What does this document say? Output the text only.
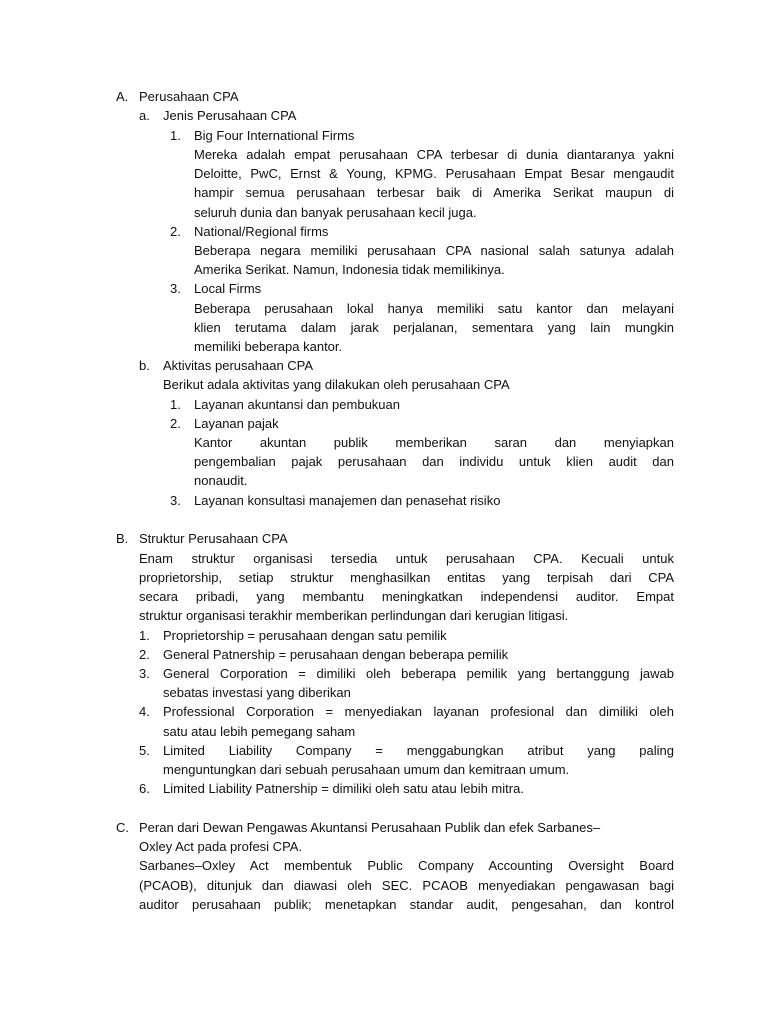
A. Perusahaan CPA
a. Jenis Perusahaan CPA
1. Big Four International Firms
Mereka adalah empat perusahaan CPA terbesar di dunia diantaranya yakni
Deloitte, PwC, Ernst & Young, KPMG. Perusahaan Empat Besar mengaudit
hampir semua perusahaan terbesar baik di Amerika Serikat maupun di
seluruh dunia dan banyak perusahaan kecil juga.
2. National/Regional firms
Beberapa negara memiliki perusahaan CPA nasional salah satunya adalah
Amerika Serikat. Namun, Indonesia tidak memilikinya.
3. Local Firms
Beberapa perusahaan lokal hanya memiliki satu kantor dan melayani
klien terutama dalam jarak perjalanan, sementara yang lain mungkin
memiliki beberapa kantor.
b. Aktivitas perusahaan CPA
Berikut adala aktivitas yang dilakukan oleh perusahaan CPA
1. Layanan akuntansi dan pembukuan
2. Layanan pajak
Kantor akuntan publik memberikan saran dan menyiapkan
pengembalian pajak perusahaan dan individu untuk klien audit dan
nonaudit.
3. Layanan konsultasi manajemen dan penasehat risiko
B. Struktur Perusahaan CPA
Enam struktur organisasi tersedia untuk perusahaan CPA. Kecuali untuk
proprietorship, setiap struktur menghasilkan entitas yang terpisah dari CPA
secara pribadi, yang membantu meningkatkan independensi auditor. Empat
struktur organisasi terakhir memberikan perlindungan dari kerugian litigasi.
1. Proprietorship = perusahaan dengan satu pemilik
2. General Patnership = perusahaan dengan beberapa pemilik
3. General Corporation = dimiliki oleh beberapa pemilik yang bertanggung jawab
sebatas investasi yang diberikan
4. Professional Corporation = menyediakan layanan profesional dan dimiliki oleh
satu atau lebih pemegang saham
5. Limited Liability Company = menggabungkan atribut yang paling
menguntungkan dari sebuah perusahaan umum dan kemitraan umum.
6. Limited Liability Patnership = dimiliki oleh satu atau lebih mitra.
C. Peran dari Dewan Pengawas Akuntansi Perusahaan Publik dan efek Sarbanes–
Oxley Act pada profesi CPA.
Sarbanes–Oxley Act membentuk Public Company Accounting Oversight Board
(PCAOB), ditunjuk dan diawasi oleh SEC. PCAOB menyediakan pengawasan bagi
auditor perusahaan publik; menetapkan standar audit, pengesahan, dan kontrol
